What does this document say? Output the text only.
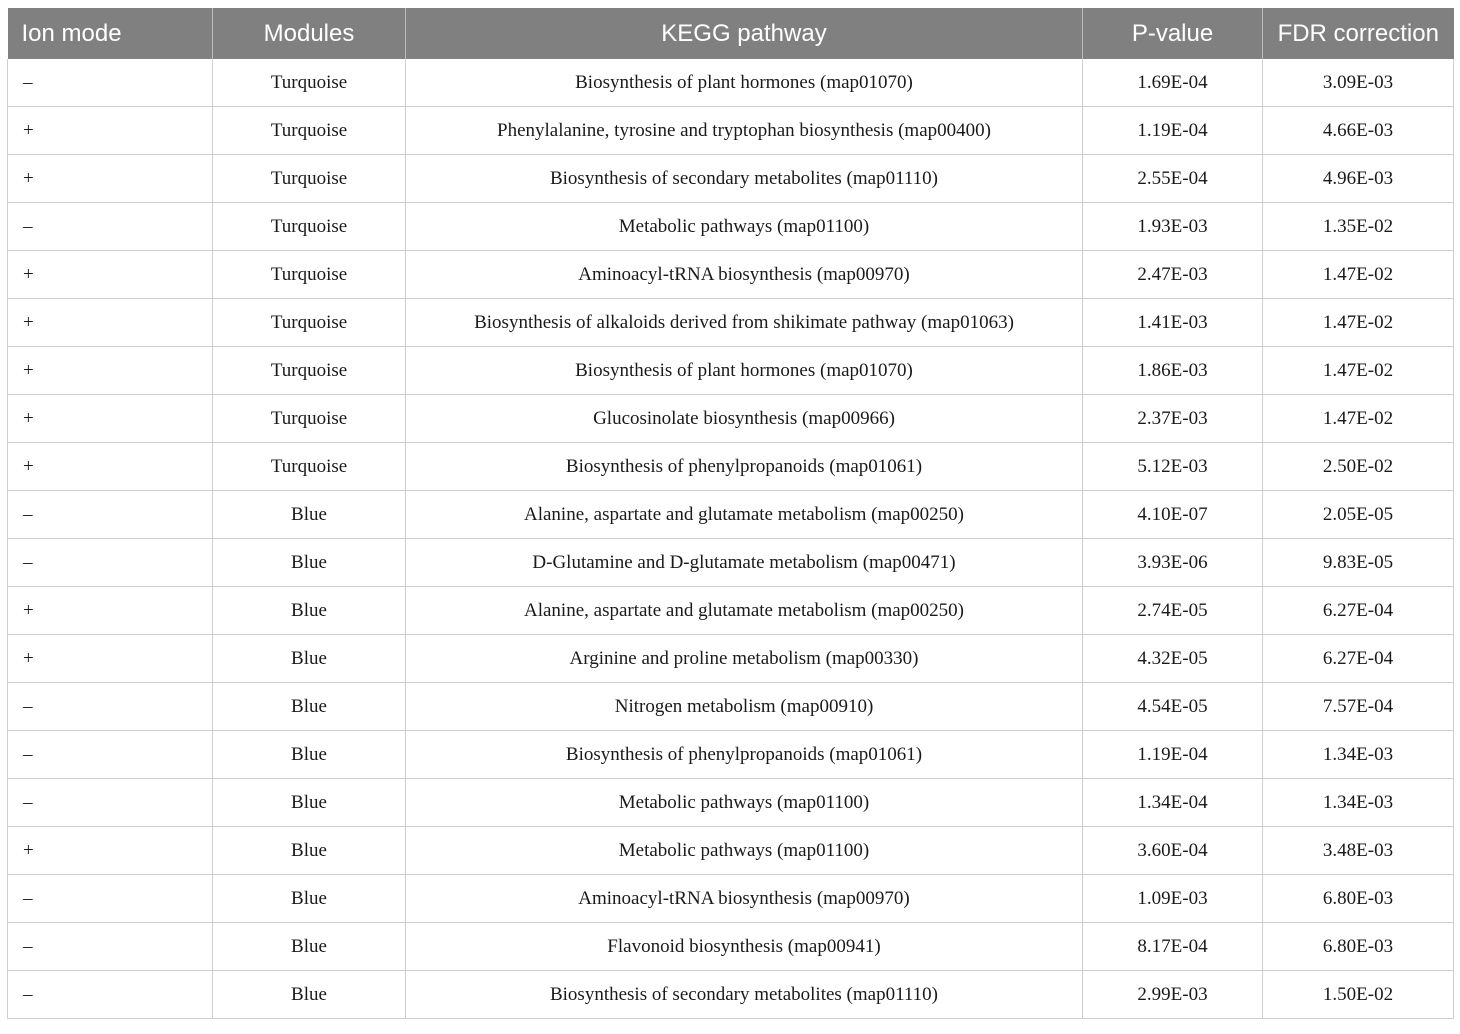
Ion mode	Modules	KEGG pathway	P-value	FDR correction
–	Turquoise	Biosynthesis of plant hormones (map01070)	1.69E-04	3.09E-03
+	Turquoise	Phenylalanine, tyrosine and tryptophan biosynthesis (map00400)	1.19E-04	4.66E-03
+	Turquoise	Biosynthesis of secondary metabolites (map01110)	2.55E-04	4.96E-03
–	Turquoise	Metabolic pathways (map01100)	1.93E-03	1.35E-02
+	Turquoise	Aminoacyl-tRNA biosynthesis (map00970)	2.47E-03	1.47E-02
+	Turquoise	Biosynthesis of alkaloids derived from shikimate pathway (map01063)	1.41E-03	1.47E-02
+	Turquoise	Biosynthesis of plant hormones (map01070)	1.86E-03	1.47E-02
+	Turquoise	Glucosinolate biosynthesis (map00966)	2.37E-03	1.47E-02
+	Turquoise	Biosynthesis of phenylpropanoids (map01061)	5.12E-03	2.50E-02
–	Blue	Alanine, aspartate and glutamate metabolism (map00250)	4.10E-07	2.05E-05
–	Blue	D-Glutamine and D-glutamate metabolism (map00471)	3.93E-06	9.83E-05
+	Blue	Alanine, aspartate and glutamate metabolism (map00250)	2.74E-05	6.27E-04
+	Blue	Arginine and proline metabolism (map00330)	4.32E-05	6.27E-04
–	Blue	Nitrogen metabolism (map00910)	4.54E-05	7.57E-04
–	Blue	Biosynthesis of phenylpropanoids (map01061)	1.19E-04	1.34E-03
–	Blue	Metabolic pathways (map01100)	1.34E-04	1.34E-03
+	Blue	Metabolic pathways (map01100)	3.60E-04	3.48E-03
–	Blue	Aminoacyl-tRNA biosynthesis (map00970)	1.09E-03	6.80E-03
–	Blue	Flavonoid biosynthesis (map00941)	8.17E-04	6.80E-03
–	Blue	Biosynthesis of secondary metabolites (map01110)	2.99E-03	1.50E-02
